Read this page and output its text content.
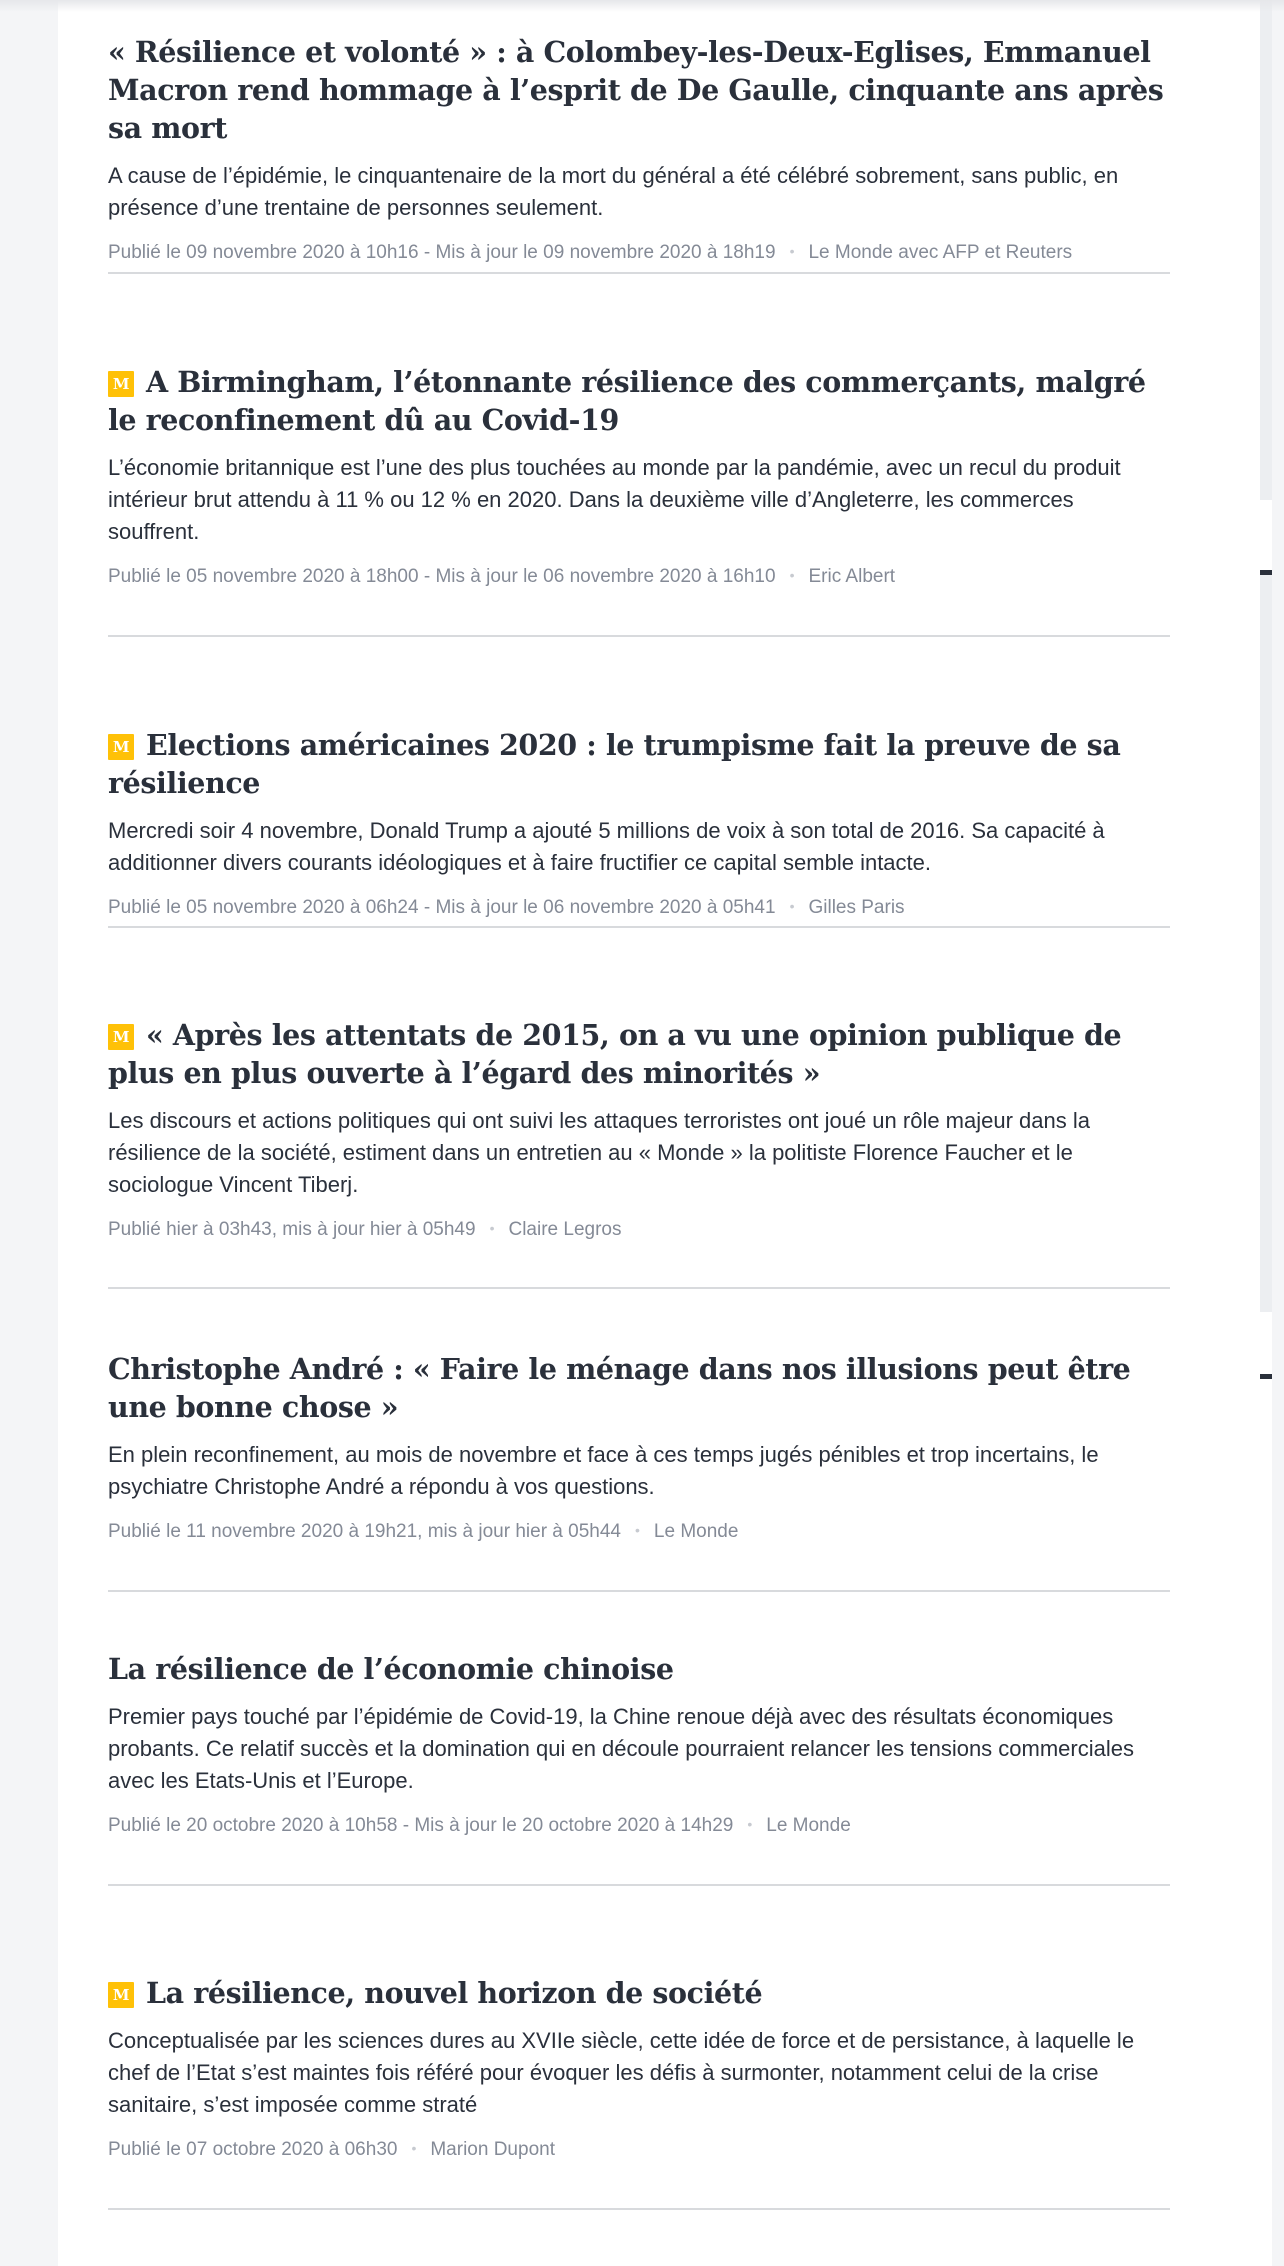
« Résilience et volonté » : à Colombey-les-Deux-Eglises, Emmanuel Macron rend hommage à l’esprit de De Gaulle, cinquante ans après sa mort

A cause de l’épidémie, le cinquantenaire de la mort du général a été célébré sobrement, sans public, en présence d’une trentaine de personnes seulement.

Publié le 09 novembre 2020 à 10h16 - Mis à jour le 09 novembre 2020 à 18h19 • Le Monde avec AFP et Reuters
M A Birmingham, l’étonnante résilience des commerçants, malgré le reconfinement dû au Covid-19

L’économie britannique est l’une des plus touchées au monde par la pandémie, avec un recul du produit intérieur brut attendu à 11 % ou 12 % en 2020. Dans la deuxième ville d’Angleterre, les commerces souffrent.

Publié le 05 novembre 2020 à 18h00 - Mis à jour le 06 novembre 2020 à 16h10 • Eric Albert
M Elections américaines 2020 : le trumpisme fait la preuve de sa résilience

Mercredi soir 4 novembre, Donald Trump a ajouté 5 millions de voix à son total de 2016. Sa capacité à additionner divers courants idéologiques et à faire fructifier ce capital semble intacte.

Publié le 05 novembre 2020 à 06h24 - Mis à jour le 06 novembre 2020 à 05h41 • Gilles Paris
M « Après les attentats de 2015, on a vu une opinion publique de plus en plus ouverte à l’égard des minorités »

Les discours et actions politiques qui ont suivi les attaques terroristes ont joué un rôle majeur dans la résilience de la société, estiment dans un entretien au « Monde » la politiste Florence Faucher et le sociologue Vincent Tiberj.

Publié hier à 03h43, mis à jour hier à 05h49 • Claire Legros
Christophe André : « Faire le ménage dans nos illusions peut être une bonne chose »

En plein reconfinement, au mois de novembre et face à ces temps jugés pénibles et trop incertains, le psychiatre Christophe André a répondu à vos questions.

Publié le 11 novembre 2020 à 19h21, mis à jour hier à 05h44 • Le Monde
La résilience de l’économie chinoise

Premier pays touché par l’épidémie de Covid-19, la Chine renoue déjà avec des résultats économiques probants. Ce relatif succès et la domination qui en découle pourraient relancer les tensions commerciales avec les Etats-Unis et l’Europe.

Publié le 20 octobre 2020 à 10h58 - Mis à jour le 20 octobre 2020 à 14h29 • Le Monde
M La résilience, nouvel horizon de société

Conceptualisée par les sciences dures au XVIIe siècle, cette idée de force et de persistance, à laquelle le chef de l’Etat s’est maintes fois référé pour évoquer les défis à surmonter, notamment celui de la crise sanitaire, s’est imposée comme straté

Publié le 07 octobre 2020 à 06h30 • Marion Dupont
